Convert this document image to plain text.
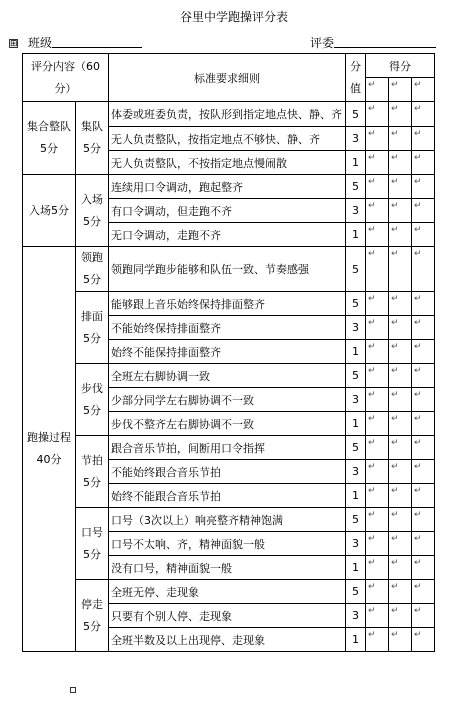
谷里中学跑操评分表
⊞ 班级	评委
评分内容（60分）		标准要求细则	分值	得分		
				↵	↵	↵
集合整队5分	集队5分	体委或班委负责，按队形到指定地点快、静、齐	5	↵	↵	↵
		无人负责整队，按指定地点不够快、静、齐	3	↵	↵	↵
		无人负责整队，不按指定地点慢闹散	1	↵	↵	↵
入场5分	入场5分	连续用口令调动，跑起整齐	5	↵	↵	↵
		有口令调动，但走跑不齐	3	↵	↵	↵
		无口令调动，走跑不齐	1	↵	↵	↵
跑操过程40分	领跑5分	领跑同学跑步能够和队伍一致、节奏感强	5	↵	↵	↵
	排面5分	能够跟上音乐始终保持排面整齐	5	↵	↵	↵
		不能始终保持排面整齐	3	↵	↵	↵
		始终不能保持排面整齐	1	↵	↵	↵
	步伐5分	全班左右脚协调一致	5	↵	↵	↵
		少部分同学左右脚协调不一致	3	↵	↵	↵
		步伐不整齐左右脚协调不一致	1	↵	↵	↵
	节拍5分	跟合音乐节拍，间断用口令指挥	5	↵	↵	↵
		不能始终跟合音乐节拍	3	↵	↵	↵
		始终不能跟合音乐节拍	1	↵	↵	↵
	口号5分	口号（3次以上）响亮整齐精神饱满	5	↵	↵	↵
		口号不太响、齐，精神面貌一般	3	↵	↵	↵
		没有口号，精神面貌一般	1	↵	↵	↵
	停走5分	全班无停、走现象	5	↵	↵	↵
		只要有个别人停、走现象	3	↵	↵	↵
		全班半数及以上出现停、走现象	1	↵	↵	↵
